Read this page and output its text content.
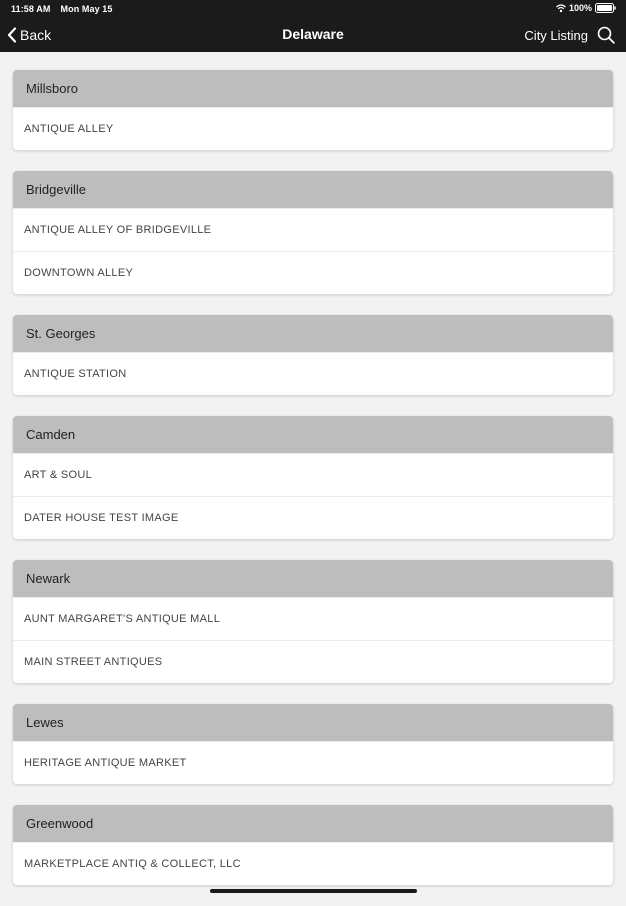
11:58 AM Mon May 15	100%
Back	Delaware	City Listing
Millsboro
ANTIQUE ALLEY
Bridgeville
ANTIQUE ALLEY OF BRIDGEVILLE
DOWNTOWN ALLEY
St. Georges
ANTIQUE STATION
Camden
ART & SOUL
DATER HOUSE TEST IMAGE
Newark
AUNT MARGARET'S ANTIQUE MALL
MAIN STREET ANTIQUES
Lewes
HERITAGE ANTIQUE MARKET
Greenwood
MARKETPLACE ANTIQ & COLLECT, LLC
